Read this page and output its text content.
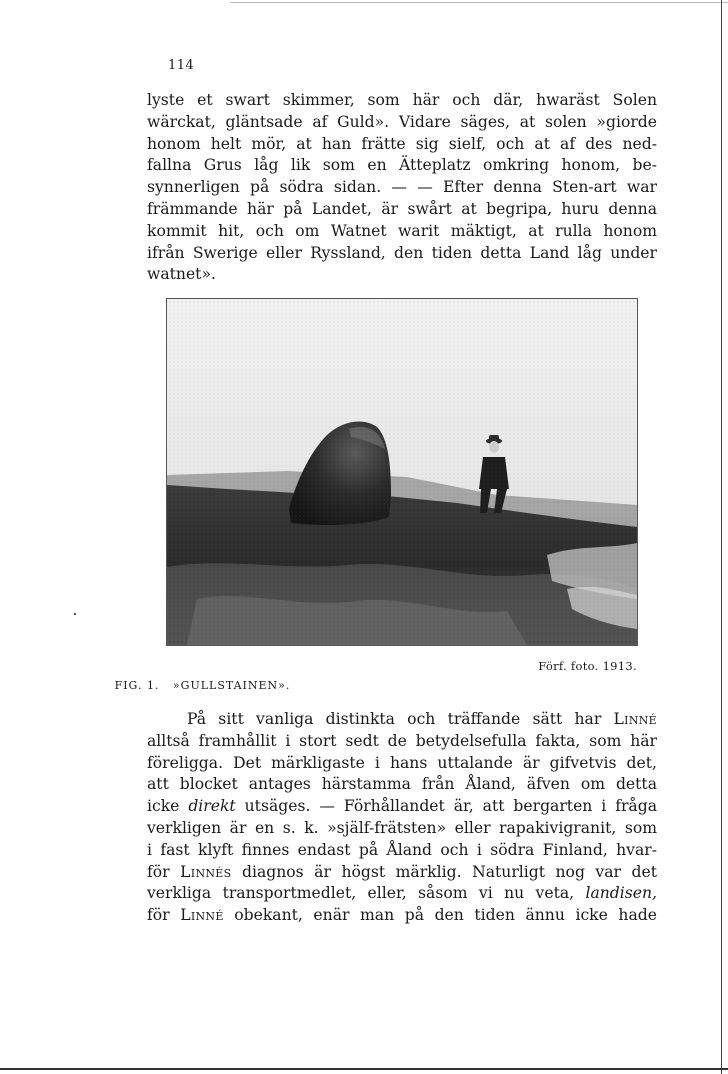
114
lyste et swart skimmer, som här och där, hwaräst Solen
wärckat, gläntsade af Guld». Vidare säges, at solen »giorde
honom helt mör, at han frätte sig sielf, och at af des ned-
fallna Grus låg lik som en Ätteplatz omkring honom, be-
synnerligen på södra sidan. — — Efter denna Sten-art war
främmande här på Landet, är swårt at begripa, huru denna
kommit hit, och om Watnet warit mäktigt, at rulla honom
ifrån Swerige eller Ryssland, den tiden detta Land låg under
watnet».
Förf. foto. 1913.
FIG. 1.   »GULLSTAINEN».
På sitt vanliga distinkta och träffande sätt har Linné
alltså framhållit i stort sedt de betydelsefulla fakta, som här
föreligga. Det märkligaste i hans uttalande är gifvetvis det,
att blocket antages härstamma från Åland, äfven om detta
icke direkt utsäges. — Förhållandet är, att bergarten i fråga
verkligen är en s. k. »själf-frätsten» eller rapakivigranit, som
i fast klyft finnes endast på Åland och i södra Finland, hvar-
för Linnés diagnos är högst märklig. Naturligt nog var det
verkliga transportmedlet, eller, såsom vi nu veta, landisen,
för Linné obekant, enär man på den tiden ännu icke hade
